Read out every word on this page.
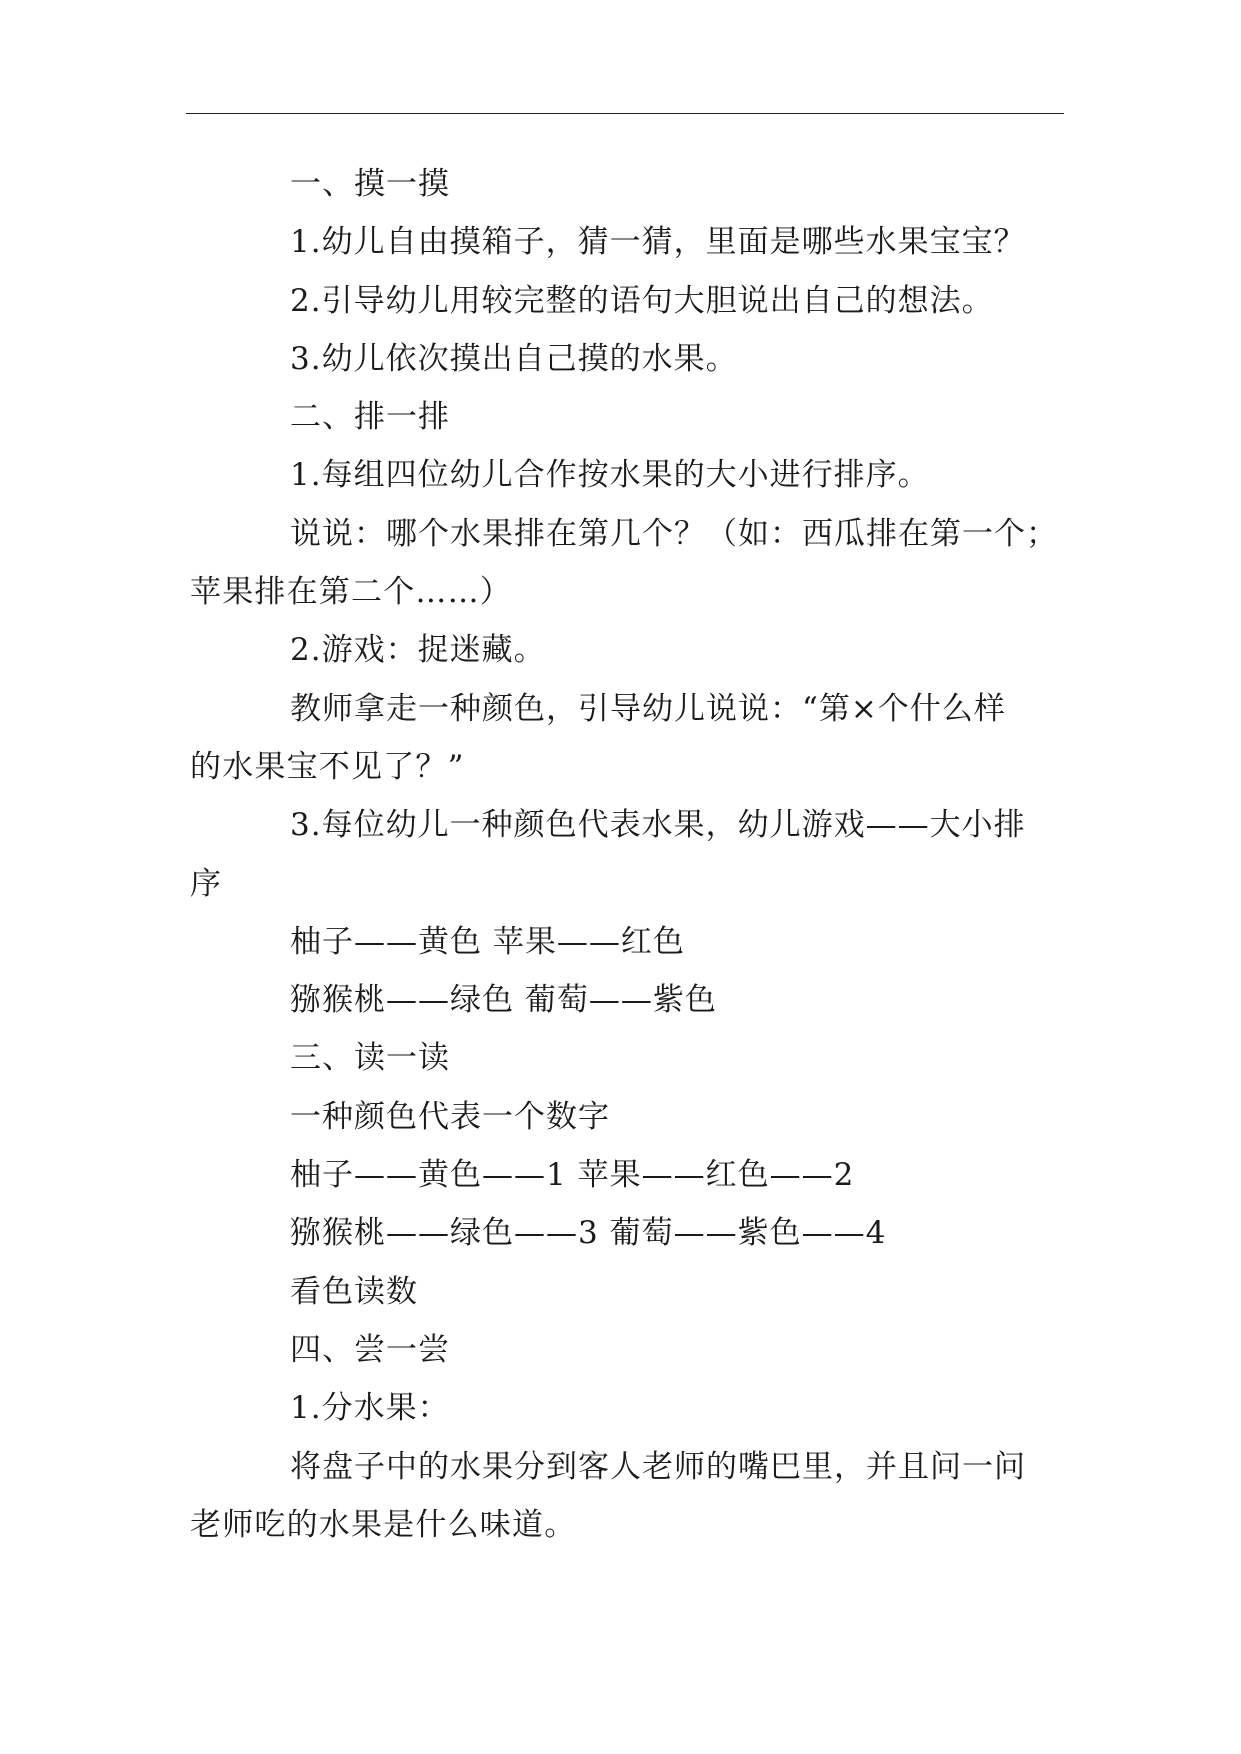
一、摸一摸
1.幼儿自由摸箱子，猜一猜，里面是哪些水果宝宝？
2.引导幼儿用较完整的语句大胆说出自己的想法。
3.幼儿依次摸出自己摸的水果。
二、排一排
1.每组四位幼儿合作按水果的大小进行排序。
说说：哪个水果排在第几个？（如：西瓜排在第一个；
苹果排在第二个……）
2.游戏：捉迷藏。
教师拿走一种颜色，引导幼儿说说：“第×个什么样
的水果宝不见了？”
3.每位幼儿一种颜色代表水果，幼儿游戏——大小排
序
柚子——黄色 苹果——红色
猕猴桃——绿色 葡萄——紫色
三、读一读
一种颜色代表一个数字
柚子——黄色——1 苹果——红色——2
猕猴桃——绿色——3 葡萄——紫色——4
看色读数
四、尝一尝
1.分水果：
将盘子中的水果分到客人老师的嘴巴里，并且问一问
老师吃的水果是什么味道。
